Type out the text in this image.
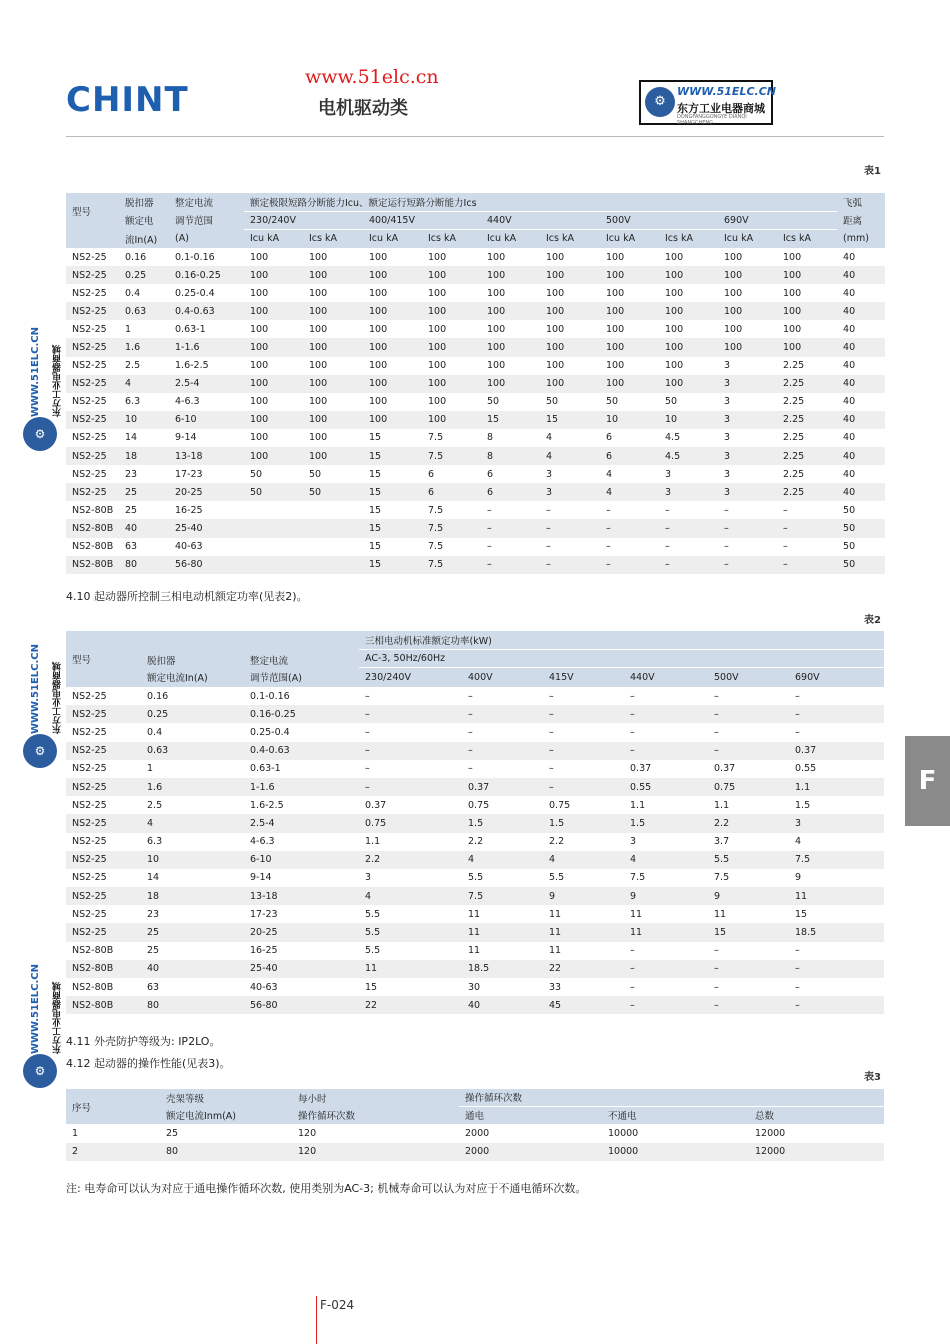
CHINT
www.51elc.cn
电机驱动类	⚙
WWW.51ELC.CN
东方工业电器商城
DONGFANGGONGYE DIANQI SHANGCHENG
WWW.51ELC.CN 东方工业电器商城
⚙
WWW.51ELC.CN 东方工业电器商城
⚙
WWW.51ELC.CN 东方工业电器商城
⚙
表1
型号	脱扣器	整定电流	额定极限短路分断能力Icu、额定运行短路分断能力Ics										飞弧
	额定电	调节范围	230/240V		400/415V		440V		500V		690V		距离
	流In(A)	(A)	Icu kA	Ics kA	Icu kA	Ics kA	Icu kA	Ics kA	Icu kA	Ics kA	Icu kA	Ics kA	(mm)
NS2-25	0.16	0.1-0.16	100	100	100	100	100	100	100	100	100	100	40
NS2-25	0.25	0.16-0.25	100	100	100	100	100	100	100	100	100	100	40
NS2-25	0.4	0.25-0.4	100	100	100	100	100	100	100	100	100	100	40
NS2-25	0.63	0.4-0.63	100	100	100	100	100	100	100	100	100	100	40
NS2-25	1	0.63-1	100	100	100	100	100	100	100	100	100	100	40
NS2-25	1.6	1-1.6	100	100	100	100	100	100	100	100	100	100	40
NS2-25	2.5	1.6-2.5	100	100	100	100	100	100	100	100	3	2.25	40
NS2-25	4	2.5-4	100	100	100	100	100	100	100	100	3	2.25	40
NS2-25	6.3	4-6.3	100	100	100	100	50	50	50	50	3	2.25	40
NS2-25	10	6-10	100	100	100	100	15	15	10	10	3	2.25	40
NS2-25	14	9-14	100	100	15	7.5	8	4	6	4.5	3	2.25	40
NS2-25	18	13-18	100	100	15	7.5	8	4	6	4.5	3	2.25	40
NS2-25	23	17-23	50	50	15	6	6	3	4	3	3	2.25	40
NS2-25	25	20-25	50	50	15	6	6	3	4	3	3	2.25	40
NS2-80B	25	16-25			15	7.5	–	–	–	–	–	–	50
NS2-80B	40	25-40			15	7.5	–	–	–	–	–	–	50
NS2-80B	63	40-63			15	7.5	–	–	–	–	–	–	50
NS2-80B	80	56-80			15	7.5	–	–	–	–	–	–	50
4.10 起动器所控制三相电动机额定功率(见表2)。
表2
型号	脱扣器	整定电流	三相电动机标准额定功率(kW)					
			AC-3, 50Hz/60Hz					
	额定电流In(A)	调节范围(A)	230/240V	400V	415V	440V	500V	690V
NS2-25	0.16	0.1-0.16	–	–	–	–	–	–
NS2-25	0.25	0.16-0.25	–	–	–	–	–	–
NS2-25	0.4	0.25-0.4	–	–	–	–	–	–
NS2-25	0.63	0.4-0.63	–	–	–	–	–	0.37
NS2-25	1	0.63-1	–	–	–	0.37	0.37	0.55
NS2-25	1.6	1-1.6	–	0.37	–	0.55	0.75	1.1
NS2-25	2.5	1.6-2.5	0.37	0.75	0.75	1.1	1.1	1.5
NS2-25	4	2.5-4	0.75	1.5	1.5	1.5	2.2	3
NS2-25	6.3	4-6.3	1.1	2.2	2.2	3	3.7	4
NS2-25	10	6-10	2.2	4	4	4	5.5	7.5
NS2-25	14	9-14	3	5.5	5.5	7.5	7.5	9
NS2-25	18	13-18	4	7.5	9	9	9	11
NS2-25	23	17-23	5.5	11	11	11	11	15
NS2-25	25	20-25	5.5	11	11	11	15	18.5
NS2-80B	25	16-25	5.5	11	11	–	–	–
NS2-80B	40	25-40	11	18.5	22	–	–	–
NS2-80B	63	40-63	15	30	33	–	–	–
NS2-80B	80	56-80	22	40	45	–	–	–
4.11 外壳防护等级为: IP2LO。
4.12 起动器的操作性能(见表3)。
表3
序号	壳架等级	每小时	操作循环次数		
	额定电流Inm(A)	操作循环次数	通电	不通电	总数
1	25	120	2000	10000	12000
2	80	120	2000	10000	12000
注: 电寿命可以认为对应于通电操作循环次数, 使用类别为AC-3; 机械寿命可以认为对应于不通电循环次数。
F
F-024
